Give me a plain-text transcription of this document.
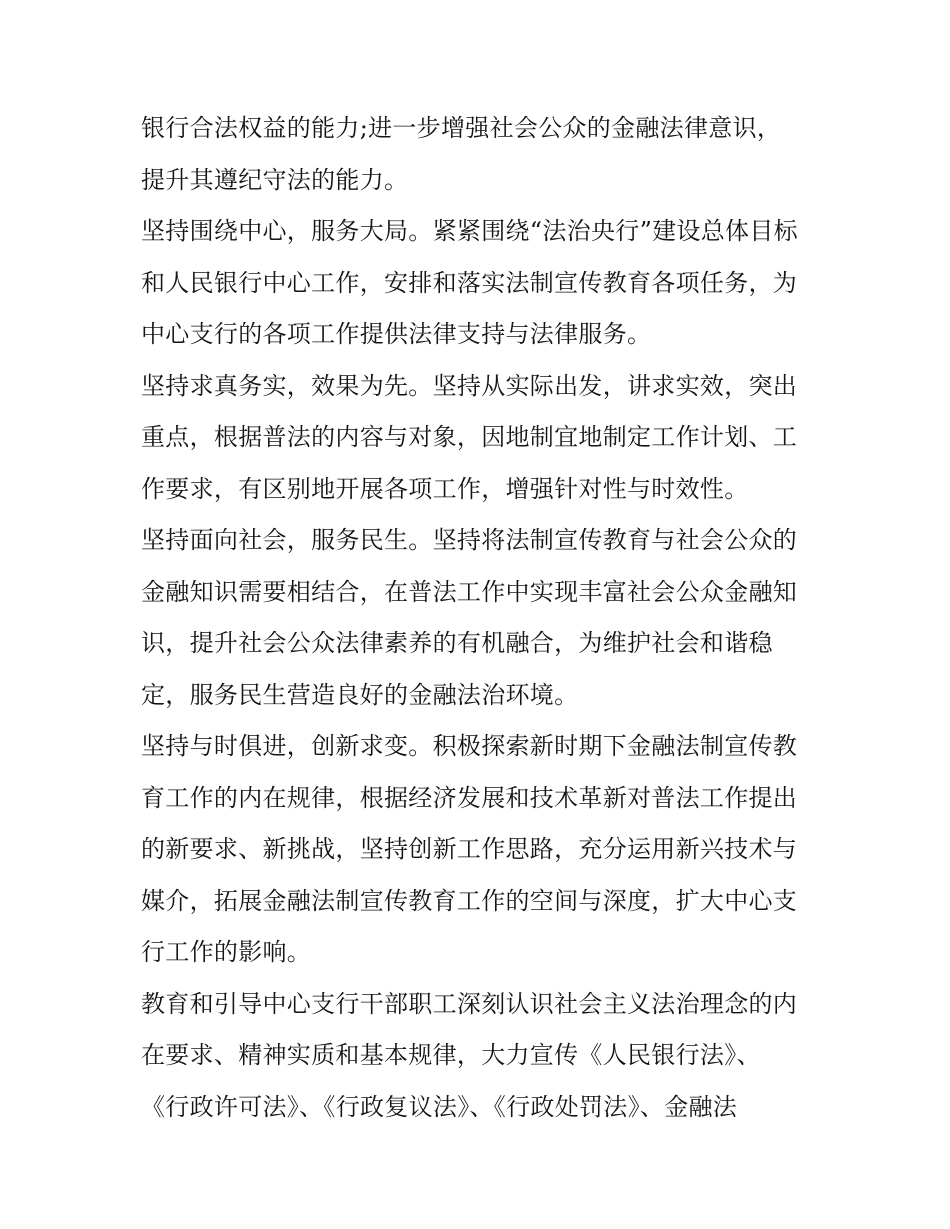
银行合法权益的能力;进一步增强社会公众的金融法律意识，
提升其遵纪守法的能力。
坚持围绕中心，服务大局。紧紧围绕“法治央行”建设总体目标
和人民银行中心工作，安排和落实法制宣传教育各项任务，为
中心支行的各项工作提供法律支持与法律服务。
坚持求真务实，效果为先。坚持从实际出发，讲求实效，突出
重点，根据普法的内容与对象，因地制宜地制定工作计划、工
作要求，有区别地开展各项工作，增强针对性与时效性。
坚持面向社会，服务民生。坚持将法制宣传教育与社会公众的
金融知识需要相结合，在普法工作中实现丰富社会公众金融知
识，提升社会公众法律素养的有机融合，为维护社会和谐稳
定，服务民生营造良好的金融法治环境。
坚持与时俱进，创新求变。积极探索新时期下金融法制宣传教
育工作的内在规律，根据经济发展和技术革新对普法工作提出
的新要求、新挑战，坚持创新工作思路，充分运用新兴技术与
媒介，拓展金融法制宣传教育工作的空间与深度，扩大中心支
行工作的影响。
教育和引导中心支行干部职工深刻认识社会主义法治理念的内
在要求、精神实质和基本规律，大力宣传《人民银行法》、
《行政许可法》、《行政复议法》、《行政处罚法》、金融法
